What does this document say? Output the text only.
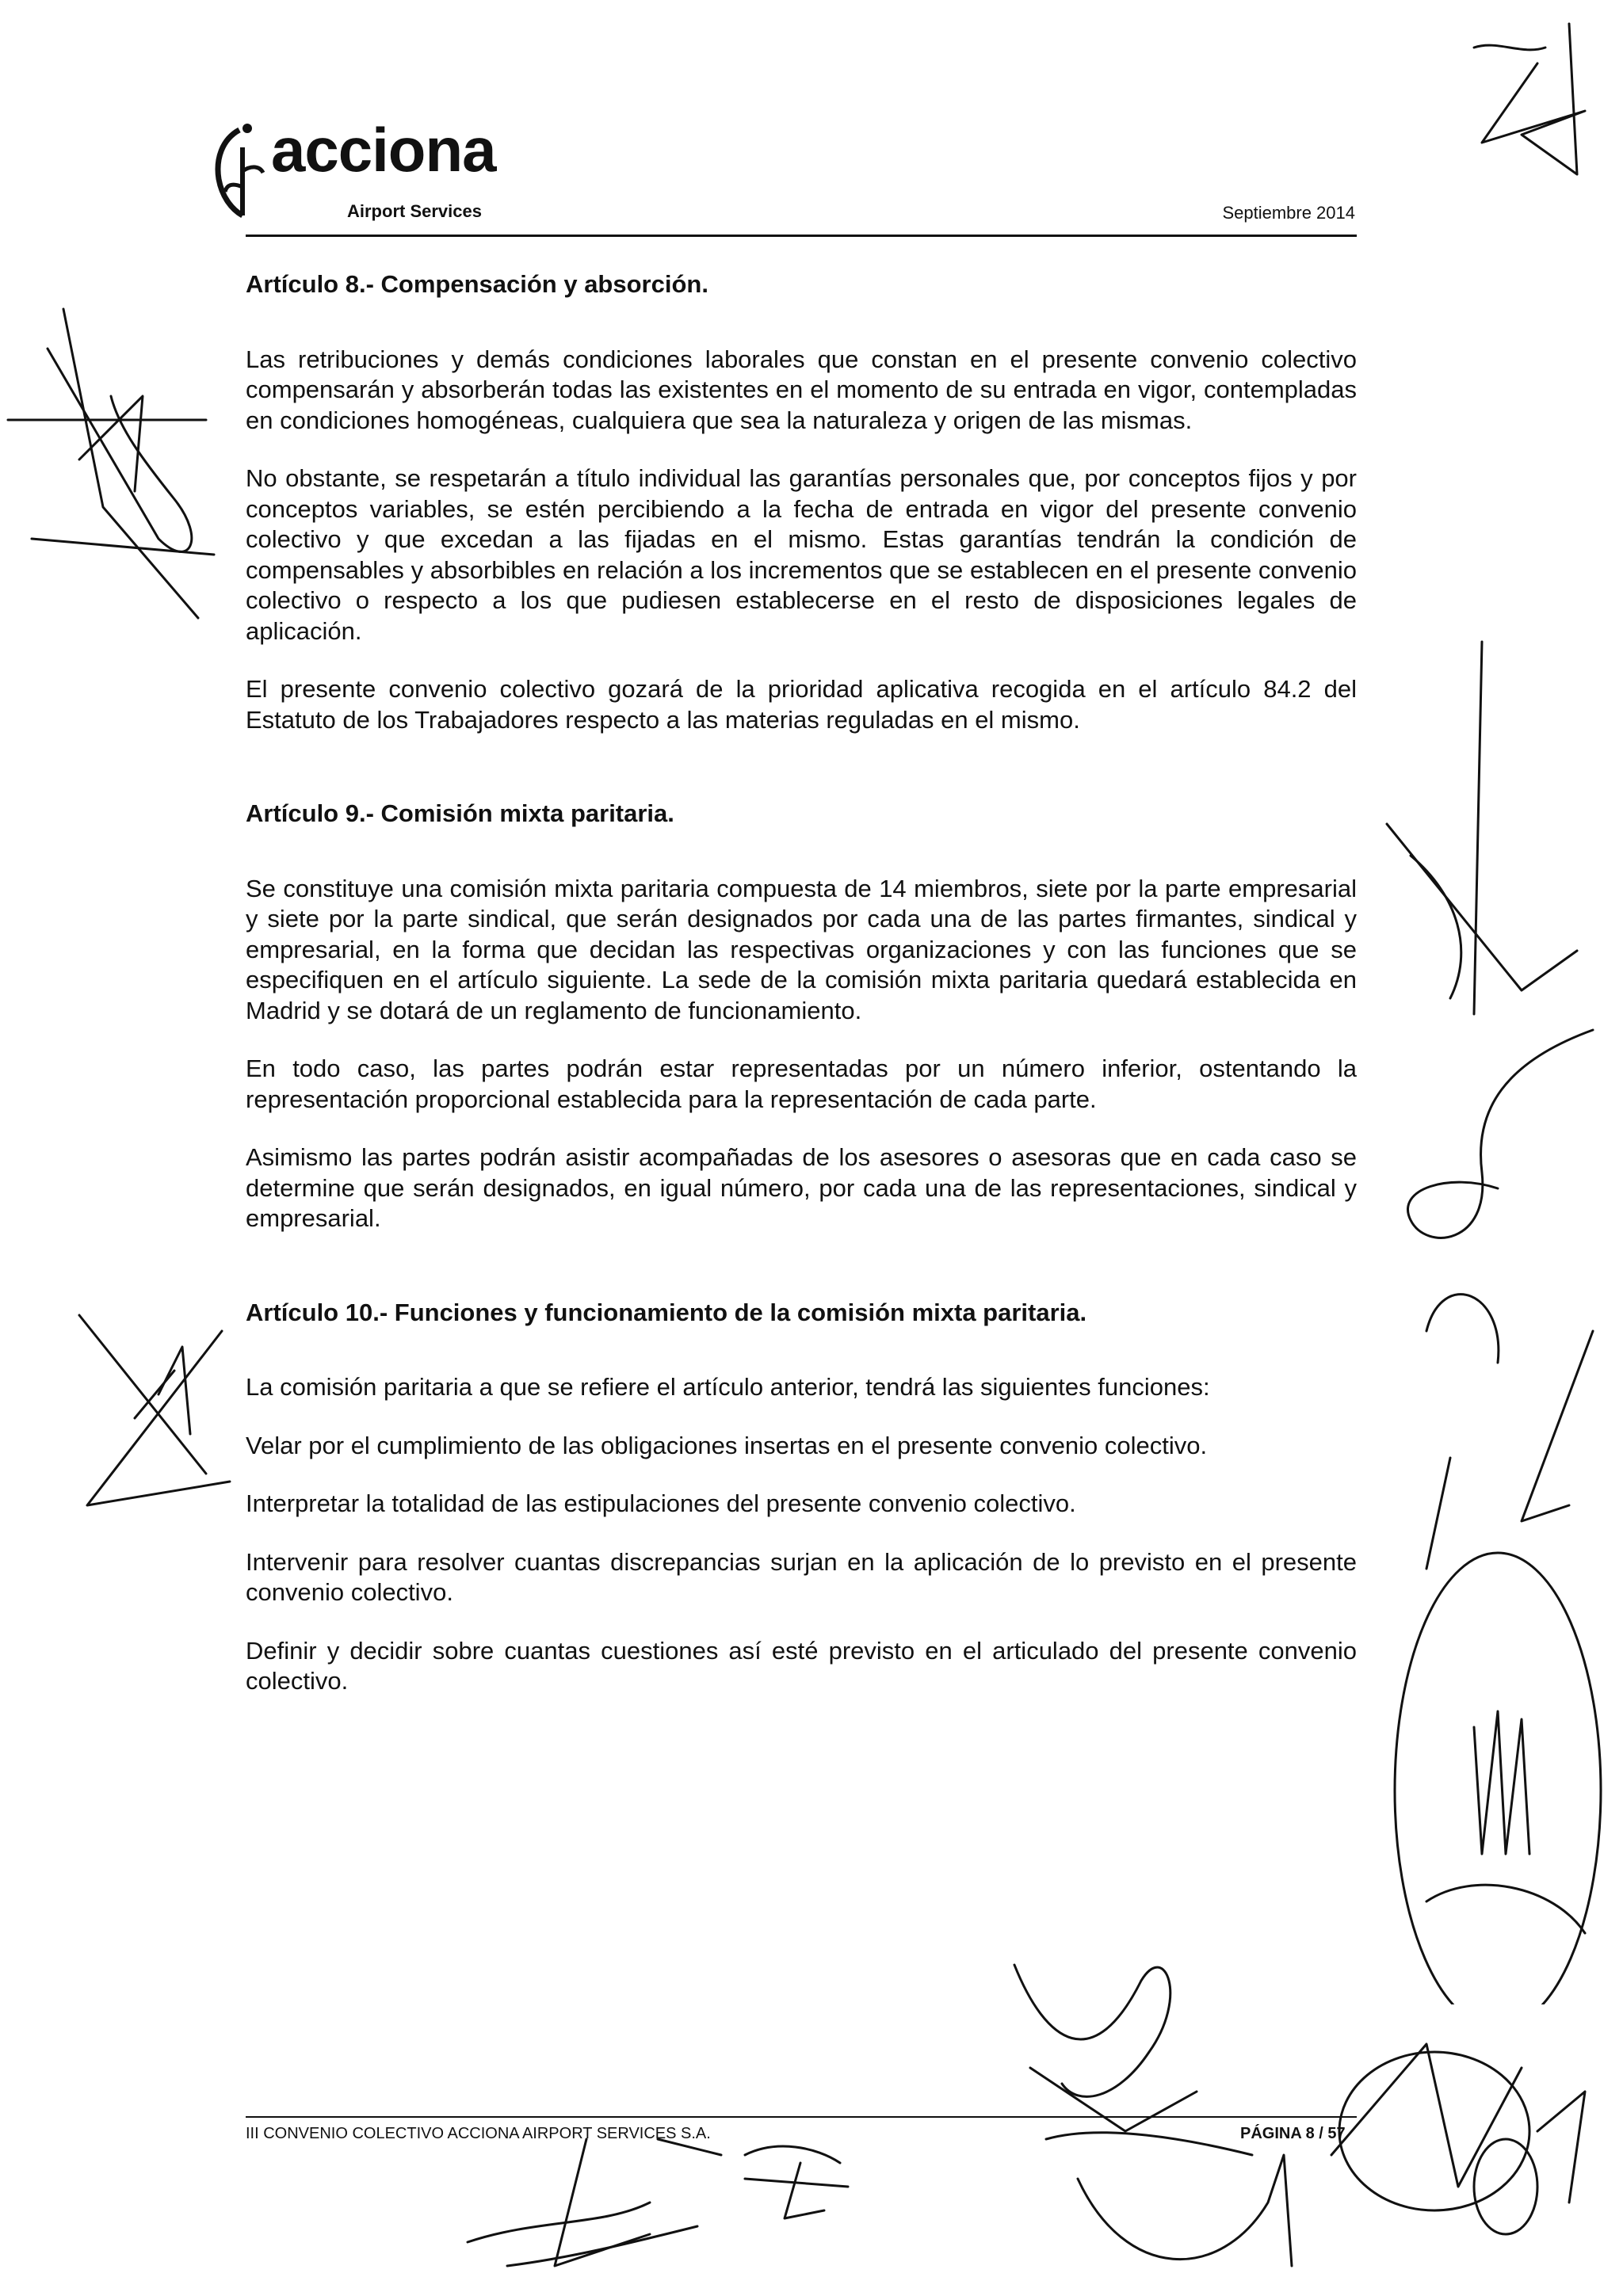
acciona
Airport Services	Septiembre 2014
Artículo 8.- Compensación y absorción.

Las retribuciones y demás condiciones laborales que constan en el presente convenio colectivo compensarán y absorberán todas las existentes en el momento de su entrada en vigor, contempladas en condiciones homogéneas, cualquiera que sea la naturaleza y origen de las mismas.

No obstante, se respetarán a título individual las garantías personales que, por conceptos fijos y por conceptos variables, se estén percibiendo a la fecha de entrada en vigor del presente convenio colectivo y que excedan a las fijadas en el mismo. Estas garantías tendrán la condición de compensables y absorbibles en relación a los incrementos que se establecen en el presente convenio colectivo o respecto a los que pudiesen establecerse en el resto de disposiciones legales de aplicación.

El presente convenio colectivo gozará de la prioridad aplicativa recogida en el artículo 84.2 del Estatuto de los Trabajadores respecto a las materias reguladas en el mismo.

Artículo 9.- Comisión mixta paritaria.

Se constituye una comisión mixta paritaria compuesta de 14 miembros, siete por la parte empresarial y siete por la parte sindical, que serán designados por cada una de las partes firmantes, sindical y empresarial, en la forma que decidan las respectivas organizaciones y con las funciones que se especifiquen en el artículo siguiente. La sede de la comisión mixta paritaria quedará establecida en Madrid y se dotará de un reglamento de funcionamiento.

En todo caso, las partes podrán estar representadas por un número inferior, ostentando la representación proporcional establecida para la representación de cada parte.

Asimismo las partes podrán asistir acompañadas de los asesores o asesoras que en cada caso se determine que serán designados, en igual número, por cada una de las representaciones, sindical y empresarial.

Artículo 10.- Funciones y funcionamiento de la comisión mixta paritaria.

La comisión paritaria a que se refiere el artículo anterior, tendrá las siguientes funciones:

Velar por el cumplimiento de las obligaciones insertas en el presente convenio colectivo.

Interpretar la totalidad de las estipulaciones del presente convenio colectivo.

Intervenir para resolver cuantas discrepancias surjan en la aplicación de lo previsto en el presente convenio colectivo.

Definir y decidir sobre cuantas cuestiones así esté previsto en el articulado del presente convenio colectivo.

III CONVENIO COLECTIVO ACCIONA AIRPORT SERVICES S.A.	PÁGINA 8 / 57
